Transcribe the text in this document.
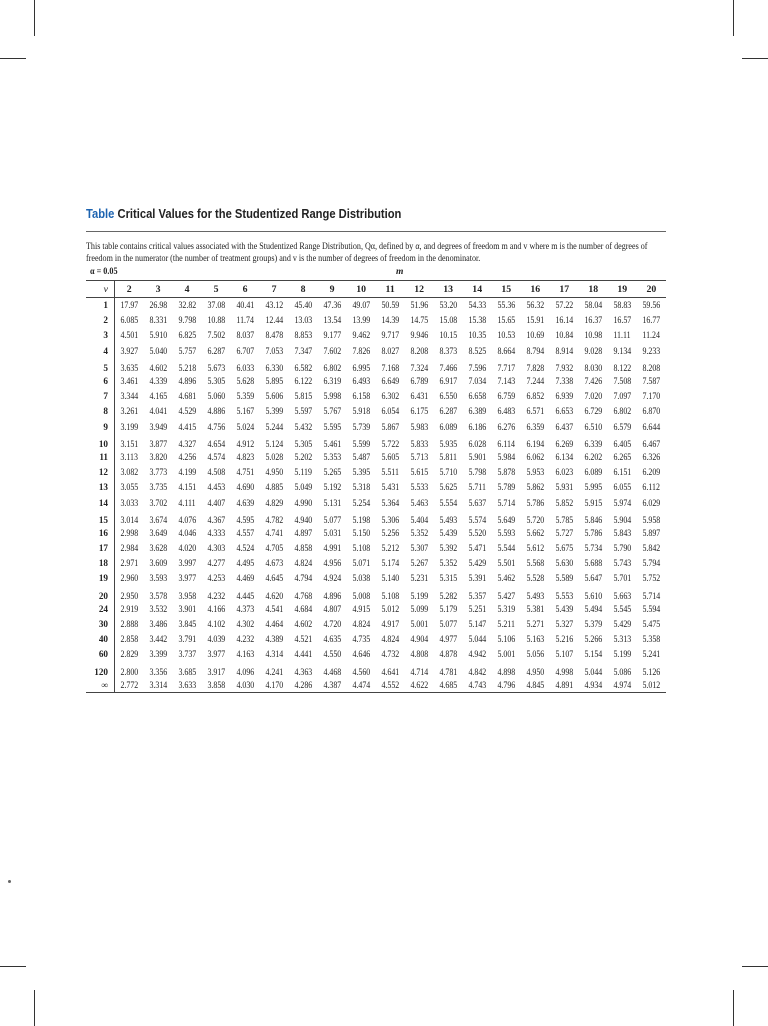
Table Critical Values for the Studentized Range Distribution
This table contains critical values associated with the Studentized Range Distribution, Qα, defined by α, and degrees of freedom m and v where m is the number of degrees of freedom in the numerator (the number of treatment groups) and v is the number of degrees of freedom in the denominator.
α = 0.05	m
v	2	3	4	5	6	7	8	9	10	11	12	13	14	15	16	17	18	19	20
1	17.97	26.98	32.82	37.08	40.41	43.12	45.40	47.36	49.07	50.59	51.96	53.20	54.33	55.36	56.32	57.22	58.04	58.83	59.56
2	6.085	8.331	9.798	10.88	11.74	12.44	13.03	13.54	13.99	14.39	14.75	15.08	15.38	15.65	15.91	16.14	16.37	16.57	16.77
3	4.501	5.910	6.825	7.502	8.037	8.478	8.853	9.177	9.462	9.717	9.946	10.15	10.35	10.53	10.69	10.84	10.98	11.11	11.24
4	3.927	5.040	5.757	6.287	6.707	7.053	7.347	7.602	7.826	8.027	8.208	8.373	8.525	8.664	8.794	8.914	9.028	9.134	9.233
5	3.635	4.602	5.218	5.673	6.033	6.330	6.582	6.802	6.995	7.168	7.324	7.466	7.596	7.717	7.828	7.932	8.030	8.122	8.208
6	3.461	4.339	4.896	5.305	5.628	5.895	6.122	6.319	6.493	6.649	6.789	6.917	7.034	7.143	7.244	7.338	7.426	7.508	7.587
7	3.344	4.165	4.681	5.060	5.359	5.606	5.815	5.998	6.158	6.302	6.431	6.550	6.658	6.759	6.852	6.939	7.020	7.097	7.170
8	3.261	4.041	4.529	4.886	5.167	5.399	5.597	5.767	5.918	6.054	6.175	6.287	6.389	6.483	6.571	6.653	6.729	6.802	6.870
9	3.199	3.949	4.415	4.756	5.024	5.244	5.432	5.595	5.739	5.867	5.983	6.089	6.186	6.276	6.359	6.437	6.510	6.579	6.644
10	3.151	3.877	4.327	4.654	4.912	5.124	5.305	5.461	5.599	5.722	5.833	5.935	6.028	6.114	6.194	6.269	6.339	6.405	6.467
11	3.113	3.820	4.256	4.574	4.823	5.028	5.202	5.353	5.487	5.605	5.713	5.811	5.901	5.984	6.062	6.134	6.202	6.265	6.326
12	3.082	3.773	4.199	4.508	4.751	4.950	5.119	5.265	5.395	5.511	5.615	5.710	5.798	5.878	5.953	6.023	6.089	6.151	6.209
13	3.055	3.735	4.151	4.453	4.690	4.885	5.049	5.192	5.318	5.431	5.533	5.625	5.711	5.789	5.862	5.931	5.995	6.055	6.112
14	3.033	3.702	4.111	4.407	4.639	4.829	4.990	5.131	5.254	5.364	5.463	5.554	5.637	5.714	5.786	5.852	5.915	5.974	6.029
15	3.014	3.674	4.076	4.367	4.595	4.782	4.940	5.077	5.198	5.306	5.404	5.493	5.574	5.649	5.720	5.785	5.846	5.904	5.958
16	2.998	3.649	4.046	4.333	4.557	4.741	4.897	5.031	5.150	5.256	5.352	5.439	5.520	5.593	5.662	5.727	5.786	5.843	5.897
17	2.984	3.628	4.020	4.303	4.524	4.705	4.858	4.991	5.108	5.212	5.307	5.392	5.471	5.544	5.612	5.675	5.734	5.790	5.842
18	2.971	3.609	3.997	4.277	4.495	4.673	4.824	4.956	5.071	5.174	5.267	5.352	5.429	5.501	5.568	5.630	5.688	5.743	5.794
19	2.960	3.593	3.977	4.253	4.469	4.645	4.794	4.924	5.038	5.140	5.231	5.315	5.391	5.462	5.528	5.589	5.647	5.701	5.752
20	2.950	3.578	3.958	4.232	4.445	4.620	4.768	4.896	5.008	5.108	5.199	5.282	5.357	5.427	5.493	5.553	5.610	5.663	5.714
24	2.919	3.532	3.901	4.166	4.373	4.541	4.684	4.807	4.915	5.012	5.099	5.179	5.251	5.319	5.381	5.439	5.494	5.545	5.594
30	2.888	3.486	3.845	4.102	4.302	4.464	4.602	4.720	4.824	4.917	5.001	5.077	5.147	5.211	5.271	5.327	5.379	5.429	5.475
40	2.858	3.442	3.791	4.039	4.232	4.389	4.521	4.635	4.735	4.824	4.904	4.977	5.044	5.106	5.163	5.216	5.266	5.313	5.358
60	2.829	3.399	3.737	3.977	4.163	4.314	4.441	4.550	4.646	4.732	4.808	4.878	4.942	5.001	5.056	5.107	5.154	5.199	5.241
120	2.800	3.356	3.685	3.917	4.096	4.241	4.363	4.468	4.560	4.641	4.714	4.781	4.842	4.898	4.950	4.998	5.044	5.086	5.126
∞	2.772	3.314	3.633	3.858	4.030	4.170	4.286	4.387	4.474	4.552	4.622	4.685	4.743	4.796	4.845	4.891	4.934	4.974	5.012
